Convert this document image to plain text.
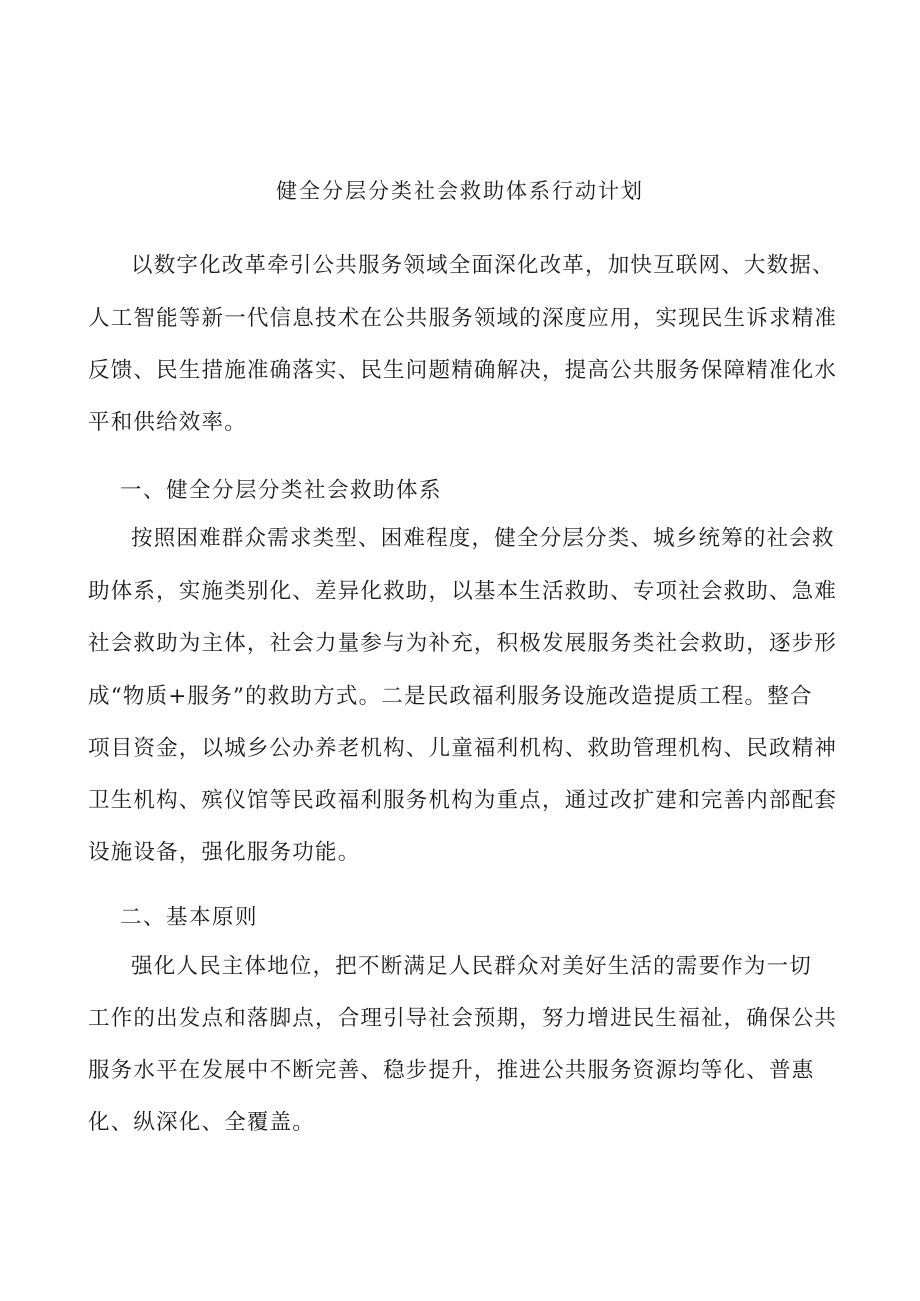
健全分层分类社会救助体系行动计划
以数字化改革牵引公共服务领域全面深化改革，加快互联网、大数据、
人工智能等新一代信息技术在公共服务领域的深度应用，实现民生诉求精准
反馈、民生措施准确落实、民生问题精确解决，提高公共服务保障精准化水
平和供给效率。
一、健全分层分类社会救助体系
按照困难群众需求类型、困难程度，健全分层分类、城乡统筹的社会救
助体系，实施类别化、差异化救助，以基本生活救助、专项社会救助、急难
社会救助为主体，社会力量参与为补充，积极发展服务类社会救助，逐步形
成“物质+服务”的救助方式。二是民政福利服务设施改造提质工程。整合
项目资金，以城乡公办养老机构、儿童福利机构、救助管理机构、民政精神
卫生机构、殡仪馆等民政福利服务机构为重点，通过改扩建和完善内部配套
设施设备，强化服务功能。
二、基本原则
强化人民主体地位，把不断满足人民群众对美好生活的需要作为一切
工作的出发点和落脚点，合理引导社会预期，努力增进民生福祉，确保公共
服务水平在发展中不断完善、稳步提升，推进公共服务资源均等化、普惠
化、纵深化、全覆盖。
